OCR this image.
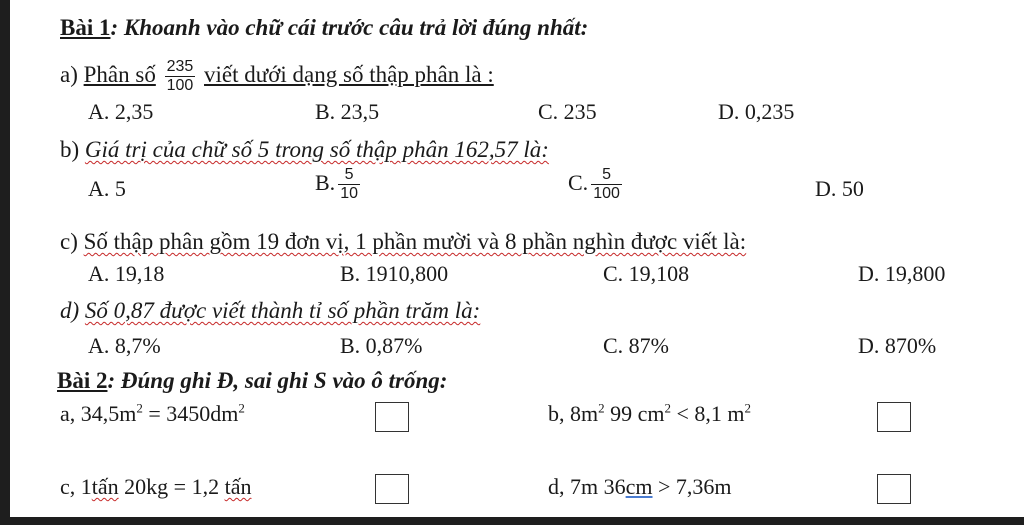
Bài 1: Khoanh vào chữ cái trước câu trả lời đúng nhất:
a) Phân số $\frac{235}{100}$ viết dưới dạng số thập phân là :
A. 2,35	B. 23,5	C. 235	D. 0,235
b) Giá trị của chữ số 5 trong số thập phân 162,57 là:
A. 5	B. $\frac{5}{10}$	C. $\frac{5}{100}$	D. 50
c) Số thập phân gồm 19 đơn vị, 1 phần mười và 8 phần nghìn được viết là:
A. 19,18	B. 1910,800	C. 19,108	D. 19,800
d) Số 0,87 được viết thành tỉ số phần trăm là:
A. 8,7%	B. 0,87%	C. 87%	D. 870%
Bài 2: Đúng ghi Đ, sai ghi S vào ô trống:
a, $34,5m^2 = 3450dm^2$	b, $8m^2$ 99 $cm^2 < 8,1$ $m^2$
c, 1tấn 20kg = 1,2 tấn	d, 7m 36cm > 7,36m
